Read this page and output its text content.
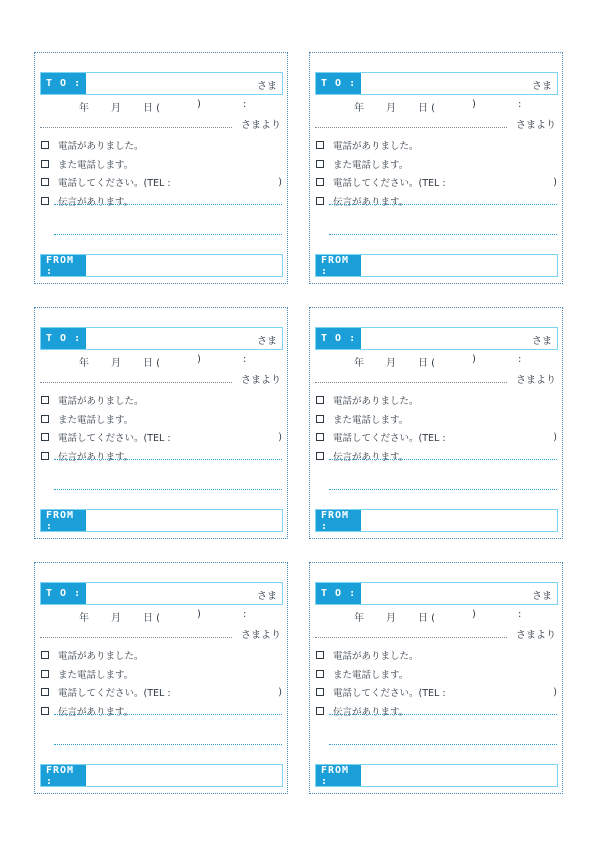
T O :	さま
年 月 日 (	)	:
さまより
電話がありました。
また電話します。
電話してください。(TEL :	)
伝言があります。
FROM :
T O :	さま
年 月 日 (	)	:
さまより
電話がありました。
また電話します。
電話してください。(TEL :	)
伝言があります。
FROM :
T O :	さま
年 月 日 (	)	:
さまより
電話がありました。
また電話します。
電話してください。(TEL :	)
伝言があります。
FROM :
T O :	さま
年 月 日 (	)	:
さまより
電話がありました。
また電話します。
電話してください。(TEL :	)
伝言があります。
FROM :
T O :	さま
年 月 日 (	)	:
さまより
電話がありました。
また電話します。
電話してください。(TEL :	)
伝言があります。
FROM :
T O :	さま
年 月 日 (	)	:
さまより
電話がありました。
また電話します。
電話してください。(TEL :	)
伝言があります。
FROM :
